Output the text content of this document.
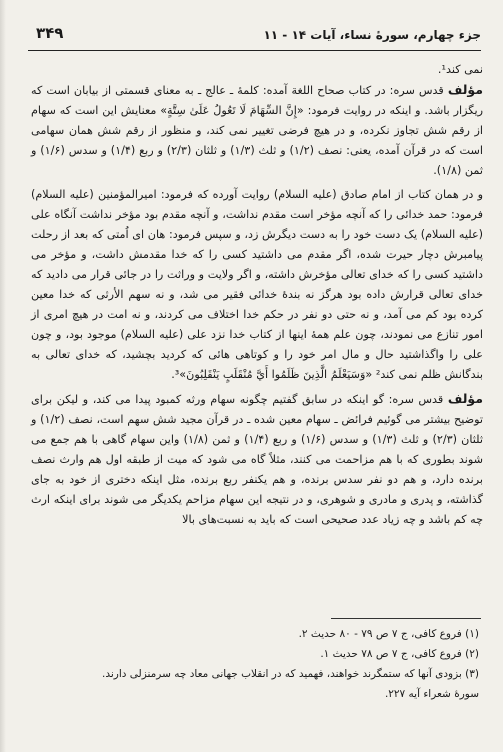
جزء چهارم، سورهٔ نساء، آیات ۱۴ - ۱۱
۳۴۹

نمی کند¹.

مؤلف قدس سره: در کتاب صحاح اللغة آمده: کلمهٔ ـ عالج ـ به معنای قسمتی از بیابان است که ریگزار باشد. و اینکه در روایت فرمود: «إِنَّ السِّهَامَ لَا تَعُولُ عَلَىٰ سِتَّةٍ» معنایش این است که سهام از رقم شش تجاوز نکرده، و در هیچ فرضی تغییر نمی کند، و منظور از رقم شش همان سهامی است که در قرآن آمده، یعنی: نصف (۱/۲) و ثلث (۱/۳) و ثلثان (۲/۳) و ربع (۱/۴) و سدس (۱/۶) و ثمن (۱/۸).

و در همان کتاب از امام صادق (علیه السلام) روایت آورده که فرمود: امیرالمؤمنین (علیه السلام) فرمود: حمد خدائی را که آنچه مؤخر است مقدم نداشت، و آنچه مقدم بود مؤخر نداشت آنگاه علی (علیه السلام) یک دست خود را به دست دیگرش زد، و سپس فرمود: هان ای اُمتی که بعد از رحلت پیامبرش دچار حیرت شده، اگر مقدم می داشتید کسی را که خدا مقدمش داشت، و مؤخر می داشتید کسی را که خدای تعالی مؤخرش داشته، و اگر ولایت و وراثت را در جائی قرار می دادید که خدای تعالی قرارش داده بود هرگز نه بندهٔ خدائی فقیر می شد، و نه سهم الأرثی که خدا معین کرده بود کم می آمد، و نه حتی دو نفر در حکم خدا اختلاف می کردند، و نه امت در هیچ امری از امور تنازع می نمودند، چون علم همهٔ اینها از کتاب خدا نزد علی (علیه السلام) موجود بود، و چون علی را واگذاشتید حال و مال امر خود را و کوتاهی هائی که کردید بچشید، که خدای تعالی به بندگانش ظلم نمی کند² «وَسَيَعْلَمُ الَّذِينَ ظَلَمُوا أَيَّ مُنْقَلَبٍ يَنْقَلِبُونَ»³.

مؤلف قدس سره: گو اینکه در سابق گفتیم چگونه سهام ورثه کمبود پیدا می کند، و لیکن برای توضیح بیشتر می گوئیم فرائض ـ سهام معین شده ـ در قرآن مجید شش سهم است، نصف (۱/۲) و ثلثان (۲/۳) و ثلث (۱/۳) و سدس (۱/۶) و ربع (۱/۴) و ثمن (۱/۸) واین سهام گاهی با هم جمع می شوند بطوری که با هم مزاحمت می کنند، مثلاً گاه می شود که میت از طبقه اول هم وارث نصف برنده دارد، و هم دو نفر سدس برنده، و هم یکنفر ربع برنده، مثل اینکه دختری از خود به جای گذاشته، و پدری و مادری و شوهری، و در نتیجه این سهام مزاحم یکدیگر می شوند برای اینکه ارث چه کم باشد و چه زیاد عدد صحیحی است که باید به نسبت‌های بالا

(۱) فروع کافی، ج ۷ ص ۷۹ - ۸۰ حدیث ۲.
(۲) فروع کافی، ج ۷ ص ۷۸ حدیث ۱.
(۳) بزودی آنها که ستمگرند خواهند، فهمید که در انقلاب جهانی معاد چه سرمنزلی دارند.
سورهٔ شعراء آیه ۲۲۷.
